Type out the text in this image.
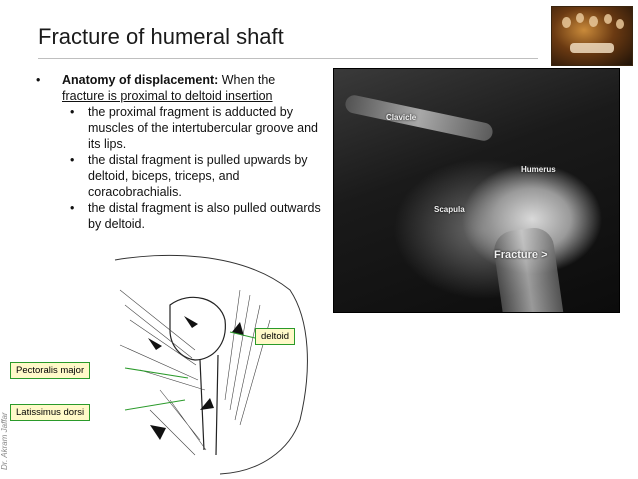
Fracture of humeral shaft
• Anatomy of displacement: When the fracture is proximal to deltoid insertion
• the proximal fragment is adducted by muscles of the intertubercular groove and its lips.
• the distal fragment is pulled upwards by deltoid, biceps, triceps, and coracobrachialis.
• the distal fragment is also pulled outwards by deltoid.
Clavicle
Humerus
Scapula
Fracture >
deltoid
Pectoralis major
Latissimus dorsi
Dr. Akram Jaffar
